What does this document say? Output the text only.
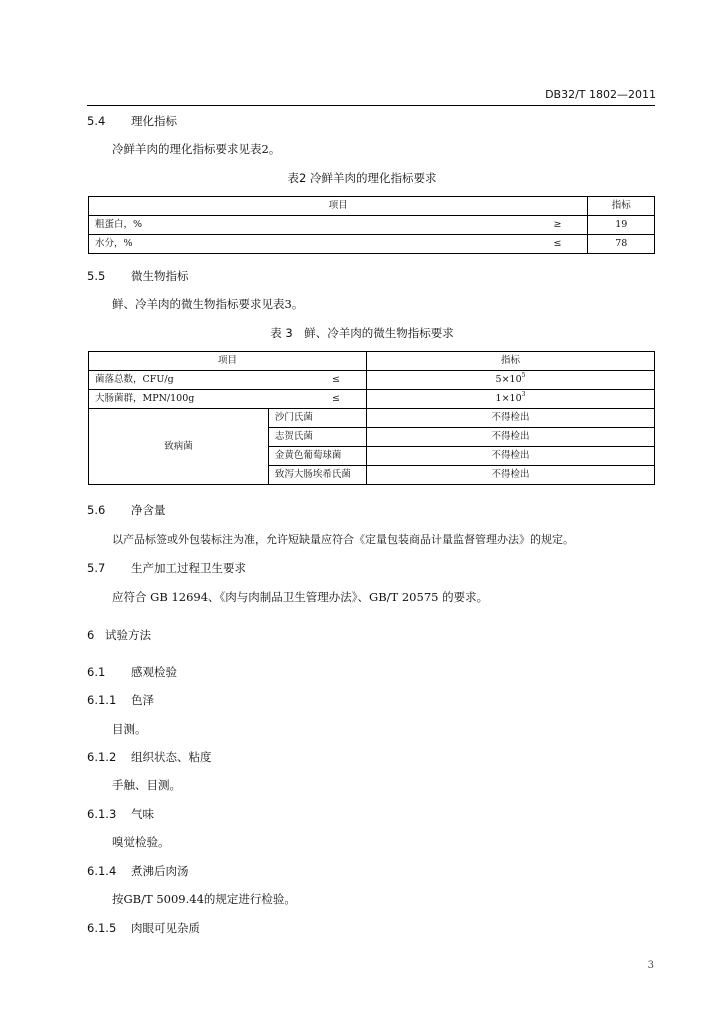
DB32/T 1802—2011
5.4 理化指标
冷鲜羊肉的理化指标要求见表2。
表2 冷鲜羊肉的理化指标要求
项目		指标
粗蛋白，%	≥	19
水分，%	≤	78
5.5 微生物指标
鲜、冷羊肉的微生物指标要求见表3。
表 3　鲜、冷羊肉的微生物指标要求
项目		指标
菌落总数，CFU/g	≤	$5\times 10^5$
大肠菌群，MPN/100g	≤	$1\times 10^3$
致病菌	沙门氏菌	不得检出
	志贺氏菌	不得检出
	金黄色葡萄球菌	不得检出
	致泻大肠埃希氏菌	不得检出
5.6 净含量
以产品标签或外包装标注为准，允许短缺量应符合《定量包装商品计量监督管理办法》的规定。
5.7 生产加工过程卫生要求
应符合 GB 12694、《肉与肉制品卫生管理办法》、GB/T 20575 的要求。
6 试验方法
6.1 感观检验
6.1.1 色泽
目测。
6.1.2 组织状态、粘度
手触、目测。
6.1.3 气味
嗅觉检验。
6.1.4 煮沸后肉汤
按GB/T 5009.44的规定进行检验。
6.1.5 肉眼可见杂质
3
